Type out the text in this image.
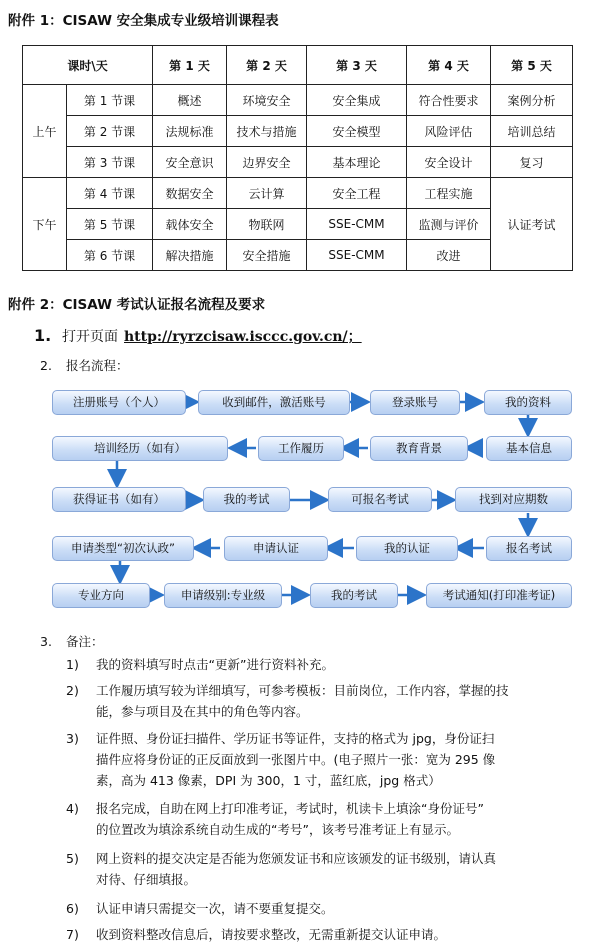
附件 1：CISAW 安全集成专业级培训课程表
课时\天		第 1 天	第 2 天	第 3 天	第 4 天	第 5 天
上午	第 1 节课	概述	环境安全	安全集成	符合性要求	案例分析
	第 2 节课	法规标准	技术与措施	安全模型	风险评估	培训总结
	第 3 节课	安全意识	边界安全	基本理论	安全设计	复习
下午	第 4 节课	数据安全	云计算	安全工程	工程实施	认证考试
	第 5 节课	载体安全	物联网	SSE-CMM	监测与评价	
	第 6 节课	解决措施	安全措施	SSE-CMM	改进	
附件 2：CISAW 考试认证报名流程及要求
1. 打开页面 http://ryrzcisaw.isccc.gov.cn/；
2. 报名流程：
注册账号（个人）	收到邮件，激活账号	登录账号	我的资料
培训经历（如有）	工作履历	教育背景	基本信息
获得证书（如有）	我的考试	可报名考试	找到对应期数
申请类型“初次认政”	申请认证	我的认证	报名考试
专业方向	申请级别:专业级	我的考试	考试通知(打印准考证)
3. 备注：
1) 我的资料填写时点击“更新”进行资料补充。
2) 工作履历填写较为详细填写，可参考模板：目前岗位，工作内容，掌握的技
能，参与项目及在其中的角色等内容。
3) 证件照、身份证扫描件、学历证书等证件，支持的格式为 jpg，身份证扫
描件应将身份证的正反面放到一张图片中。(电子照片一张：宽为 295 像
素，高为 413 像素，DPI 为 300，1 寸，蓝红底，jpg 格式）
4) 报名完成，自助在网上打印准考证，考试时，机读卡上填涂“身份证号”
的位置改为填涂系统自动生成的“考号”，该考号准考证上有显示。
5) 网上资料的提交决定是否能为您颁发证书和应该颁发的证书级别，请认真
对待、仔细填报。
6) 认证申请只需提交一次，请不要重复提交。
7) 收到资料整改信息后，请按要求整改，无需重新提交认证申请。
